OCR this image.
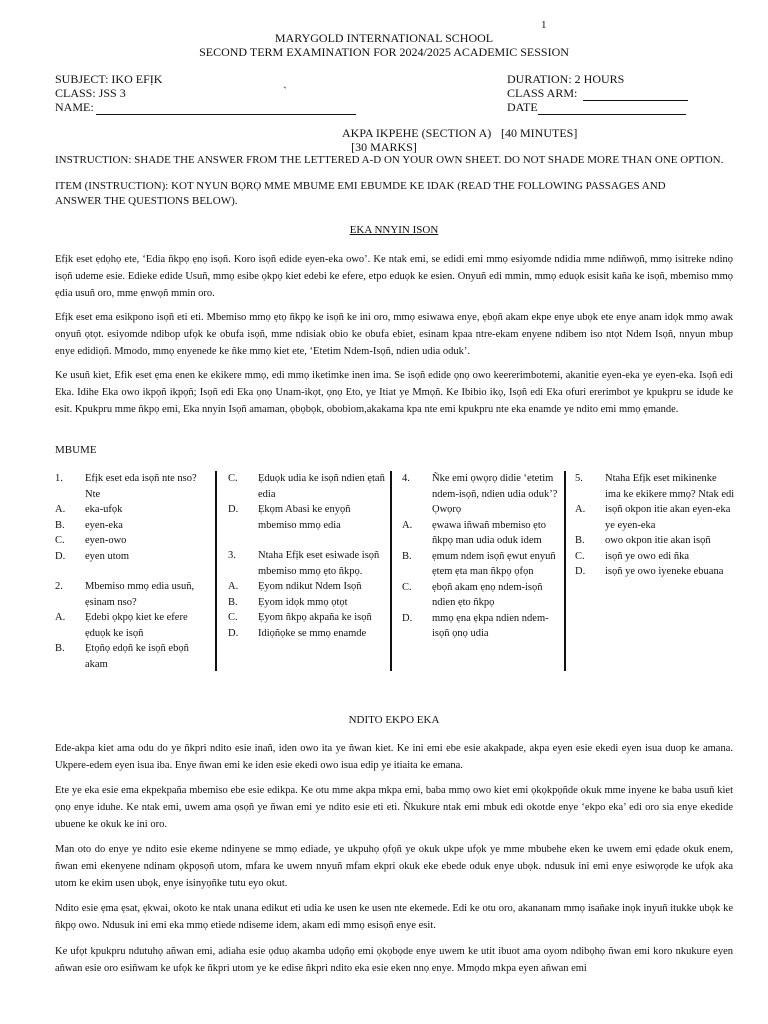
1
MARYGOLD INTERNATIONAL SCHOOL
SECOND TERM EXAMINATION FOR 2024/2025 ACADEMIC SESSION
SUBJECT: IKO EFỊK
CLASS: JSS 3	`
NAME:
DURATION: 2 HOURS
CLASS ARM:
DATE
AKPA IKPEHE (SECTION A) [40 MINUTES]
[30 MARKS]
INSTRUCTION: SHADE THE ANSWER FROM THE LETTERED A-D ON YOUR OWN SHEET. DO NOT SHADE MORE THAN ONE OPTION.
ITEM (INSTRUCTION): KOT NYUN BỌRỌ MME MBUME EMI EBUMDE KE IDAK (READ THE FOLLOWING PASSAGES AND
ANSWER THE QUESTIONS BELOW).
EKA NNYIN ISON
Efịk eset ẹdọhọ ete, ‘Edia ñkpọ ẹnọ isọñ. Koro isọñ edide eyen-eka owo’. Ke ntak emi, se edidi emi mmọ esiyomde ndidia mme ndiñwọñ, mmọ isitreke ndinọ isọñ udeme esie. Edieke edide Usuñ, mmọ esibe ọkpọ kiet edebi ke efere, etpo eduọk ke esien. Onyuñ edi mmin, mmọ eduọk esisit kaña ke isọñ, mbemiso mmọ ẹdia usuñ oro, mme ẹnwọñ mmin oro.
Efịk eset ema esikpono isọñ eti eti. Mbemiso mmọ ẹtọ ñkpọ ke isọñ ke ini oro, mmọ esiwawa enye, ẹbọñ akam ekpe enye ubọk ete enye anam idọk mmọ awak onyuñ ọtọt. esiyomde ndibop ufọk ke obufa isọñ, mme ndisiak obio ke obufa ebiet, esinam kpaa ntre-ekam enyene ndibem iso ntọt Ndem Isọñ, nnyun mbup enye edidiọñ. Mmodo, mmọ enyenede ke ñke mmọ kiet ete, ‘Etetim Ndem-Isọñ, ndien udia oduk’.
Ke usuñ kiet, Efik eset ẹma enen ke ekikere mmọ, edi mmọ iketimke inen ima. Se isọñ edide ọnọ owo keererimbotemi, akanitie eyen-eka ye eyen-eka. Isọñ edi Eka. Idihe Eka owo ikpọñ ikpọñ; Isọñ edi Eka ọnọ Unam-ikọt, ọnọ Eto, ye Itiat ye Mmọñ. Ke Ibibio ikọ, Isọñ edi Eka ofuri ererimbot ye kpukpru se idude ke esit. Kpukpru mme ñkpọ emi, Eka nnyin Isọñ amaman, ọbọbọk, obobiom,akakama kpa nte emi kpukpru nte eka enamde ye ndito emi mmọ ẹmande.
MBUME
1.	Efịk eset eda isọñ nte nso? Nte
A.	eka-ufọk
B.	eyen-eka
C.	eyen-owo
D.	eyen utom
2.	Mbemiso mmọ edia usuñ, ẹsinam nso?
A.	Ẹdebi ọkpọ kiet ke efere ẹduọk ke isọñ
B.	Ẹtọñọ edọñ ke isọñ ebọñ akam
C.	Ẹduọk udia ke isọñ ndien ẹtañ edia
D.	Ẹkọm Abasi ke enyọñ mbemiso mmọ edia
3.	Ntaha Efịk eset esiwade isọñ mbemiso mmọ ẹto ñkpọ.
A.	Ẹyom ndikut Ndem Isọñ
B.	Ẹyom idọk mmọ ọtọt
C.	Ẹyom ñkpọ akpaña ke isọñ
D.	Idiọñọke se mmọ enamde
4.	Ñke emi ọwọrọ didie ‘etetim ndem-isọñ, ndien udia oduk’? Ọwọrọ
A.	ẹwawa iñwañ mbemiso ẹto ñkpọ man udia oduk idem
B.	ẹmum ndem isọñ ẹwut enyuñ ẹtem ẹta man ñkpọ ọfọn
C.	ẹbọñ akam ẹnọ ndem-isọñ ndien ẹto ñkpọ
D.	mmọ ẹna ẹkpa ndien ndem-isọñ ọnọ udia
5.	Ntaha Efịk eset mikinenke ima ke ekikere mmọ? Ntak edi
A.	isọñ okpon itie akan eyen-eka ye eyen-eka
B.	owo okpon itie akan isọñ
C.	isọñ ye owo edi ñka
D.	isọñ ye owo iyeneke ebuana
NDITO EKPO EKA
Ede-akpa kiet ama odu do ye ñkpri ndito esie inañ, iden owo ita ye ñwan kiet. Ke ini emi ebe esie akakpade, akpa eyen esie ekedi eyen isua duop ke amana. Ukpere-edem eyen isua iba. Enye ñwan emi ke iden esie ekedi owo isua edip ye itiaita ke emana.
Ete ye eka esie ema ekpekpaña mbemiso ebe esie edikpa. Ke otu mme akpa mkpa emi, baba mmọ owo kiet emi ọkọkpọñde okuk mme inyene ke baba usuñ kiet ọnọ enye iduhe. Ke ntak emi, uwem ama ọsọñ ye ñwan emi ye ndito esie eti eti. Ñkukure ntak emi mbuk edi okotde enye ‘ekpo eka’ edi oro sia enye ekedide ubuene ke okuk ke ini oro.
Man oto do enye ye ndito esie ekeme ndinyene se mmọ ediade, ye ukpuhọ ọfọñ ye okuk ukpe ufọk ye mme mbubehe eken ke uwem emi ẹdade okuk enem, ñwan emi ekenyene ndinam ọkpọsọñ utom, mfara ke uwem nnyuñ mfam ekpri okuk eke ebede oduk enye ubọk. ndusuk ini emi enye esiwọrọde ke ufọk aka utom ke ekim usen ubọk, enye isinyọñke tutu eyo okut.
Ndito esie ẹma ẹsat, ẹkwai, okoto ke ntak unana edikut eti udia ke usen ke usen nte ekemede. Edi ke otu oro, akananam mmọ isañake inọk inyuñ itukke ubọk ke ñkpọ owo. Ndusuk ini emi eka mmọ etiede ndiseme idem, akam edi mmọ esisọñ enye esit.
Ke ufọt kpukpru ndutuhọ añwan emi, adiaha esie ọduọ akamba udọñọ emi ọkọbọde enye uwem ke utit ibuot ama oyom ndibọhọ ñwan emi koro nkukure eyen añwan esie oro esiñwam ke ufọk ke ñkpri utom ye ke edise ñkpri ndito eka esie eken nnọ enye. Mmọdo mkpa eyen añwan emi
